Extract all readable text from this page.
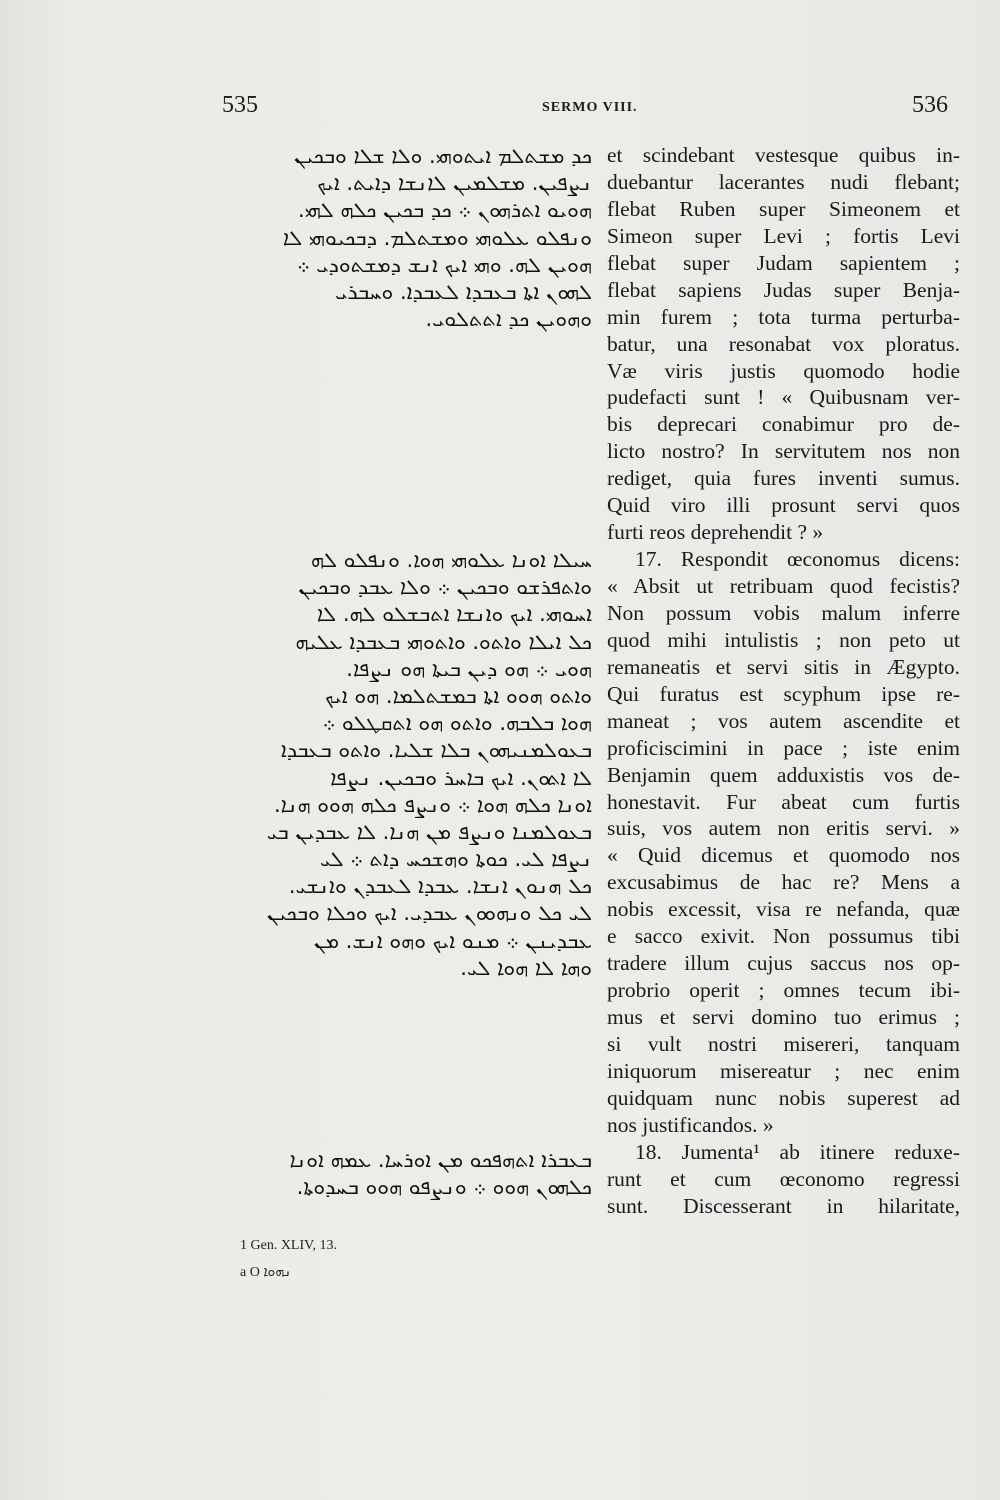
535	SERMO VIII.	536
ܟܕ ܡܫܬܠܡ ܐܝܬܘܗܝ. ܘܠܐ ܫܠܐ ܘܒܟܝܢ
ܢܨܦܝܢ. ܡܫܠܡܝܢ ܠܐܢܫܐ ܕܐܝܬ. ܐܝܟ
ܗܘܝܘ ܐܬܪܗܘܢ ܀ ܟܕ ܒܟܝܢ ܟܠܗ ܠܗܝ.
ܘܢܦܠܘ ܥܠܘܗܝ ܘܡܫܬܠܡ. ܕܒܟܝܘܗܝ ܠܐ
ܗܘܝܢ ܠܗ. ܘܗܝ ܐܝܟ ܐܢܫ ܕܡܫܬܘܕܝ ܀
ܠܗܘܢ ܐܬܐ ܒܥܒܕܐ ܠܥܒܕܐ. ܘܚܒܪܝ
ܘܗܘܝܢ ܟܕ ܐܬܬܠܘܝ.
ܚܝܠܐ ܐܘܢܐ ܥܠܘܗܝ ܗܘܐ. ܘܢܦܠܘ ܠܗ
ܘܐܬܦܪܫܘ ܘܒܟܝܢ ܀ ܘܠܐ ܥܒܕ ܘܒܟܝܢ
ܐܚܘܗܝ. ܐܝܟ ܘܐܢܫܐ ܐܬܒܫܠܘ ܠܗ. ܠܐ
ܟܠ ܐܝܠܐ ܘܐܬܘ. ܘܐܬܘܗܝ ܒܥܒܕܐ ܥܠܝܗ
ܗܘܝ ܀ ܗܘ ܕܝܢ ܒܝܬܐ ܗܘ ܢܨܦܐ.
ܘܐܬܘ ܗܘܘ ܐܬܐ ܒܡܫܬܠܡܐ. ܗܘ ܐܝܟ
ܗܘܐ ܒܠܒܗ. ܘܐܬܘ ܗܘ ܐܬܩܛܠܘ ܀
ܒܥܘܠܡܢܝܗܘܢ ܒܠܐ ܫܠܝܐ. ܘܐܬܘ ܒܥܒܕܐ
ܠܐ ܐܬܘܢ. ܐܝܟ ܒܐܚܪ ܘܒܟܝܢ. ܢܨܦܐ
ܐܘܢܐ ܟܠܗ ܗܘܐ ܀ ܘܢܨܦ ܟܠܗ ܗܘܘ ܗܢܐ.
ܒܥܘܠܡܢܐ ܘܢܨܦ ܡܢ ܗܢܐ. ܠܐ ܥܒܕܝܢ ܒܝ
ܢܨܦܐ ܠܝ. ܟܘܬܐ ܘܗܫܟܚ ܕܐܬ ܀ ܠܝ
ܟܠ ܗܢܘܢ ܐܢܫܐ. ܥܒܕܐ ܠܥܒܕܢ ܘܐܢܫܝ.
ܠܝ ܟܠ ܘܢܗܘܘܢ ܥܒܕܝ. ܐܝܟ ܘܟܠܐ ܘܒܟܝܢ
ܥܒܕܝܢܢ ܀ ܡܢܘ ܐܝܟ ܘܗܘ ܐܢܫ. ܡܢ
ܘܗܐ ܠܐ ܗܘܐ ܠܝ.
ܒܥܒܪܐ ܐܬܗܦܟܘ ܡܢ ܐܘܪܚܐ. ܥܡܗ ܐܘܢܐ
ܟܠܗܘܢ ܗܘܘ ܀ ܘܢܨܦܘ ܗܘܘ ܒܚܕܘܬܐ.
et scindebant vestesque quibus in-
duebantur lacerantes nudi flebant;
flebat Ruben super Simeonem et
Simeon super Levi ; fortis Levi
flebat super Judam sapientem ;
flebat sapiens Judas super Benja-
min furem ; tota turma perturba-
batur, una resonabat vox ploratus.
Væ viris justis quomodo hodie
pudefacti sunt ! « Quibusnam ver-
bis deprecari conabimur pro de-
licto nostro? In servitutem nos non
rediget, quia fures inventi sumus.
Quid viro illi prosunt servi quos
furti reos deprehendit ? »
17. Respondit œconomus dicens:
« Absit ut retribuam quod fecistis?
Non possum vobis malum inferre
quod mihi intulistis ; non peto ut
remaneatis et servi sitis in Ægypto.
Qui furatus est scyphum ipse re-
maneat ; vos autem ascendite et
proficiscimini in pace ; iste enim
Benjamin quem adduxistis vos de-
honestavit. Fur abeat cum furtis
suis, vos autem non eritis servi. »
« Quid dicemus et quomodo nos
excusabimus de hac re? Mens a
nobis excessit, visa re nefanda, quæ
e sacco exivit. Non possumus tibi
tradere illum cujus saccus nos op-
probrio operit ; omnes tecum ibi-
mus et servi domino tuo erimus ;
si vult nostri misereri, tanquam
iniquorum misereatur ; nec enim
quidquam nunc nobis superest ad
nos justificandos. »
18. Jumenta¹ ab itinere reduxe-
runt et cum œconomo regressi
sunt. Discesserant in hilaritate,
1 Gen. XLIV, 13.
a O ܢܗܘܐ
